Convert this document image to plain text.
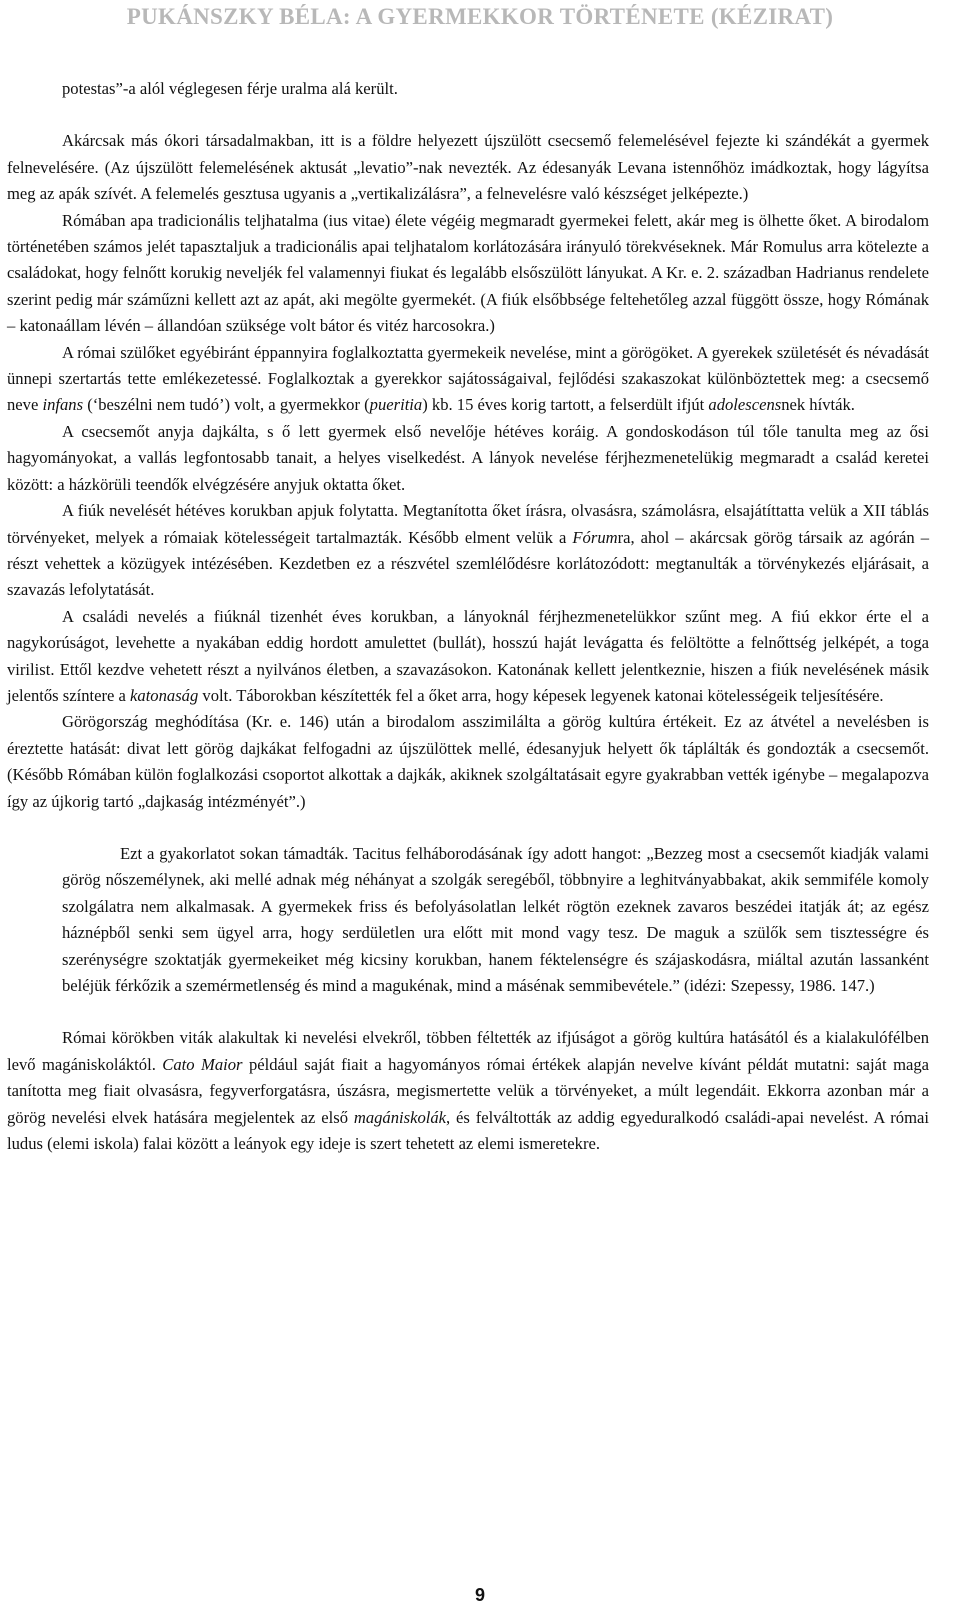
PUKÁNSZKY BÉLA: A GYERMEKKOR TÖRTÉNETE (KÉZIRAT)

potestas”-a alól véglegesen férje uralma alá került.

Akárcsak más ókori társadalmakban, itt is a földre helyezett újszülött csecsemő felemelésével fejezte ki szándékát a gyermek felnevelésére. (Az újszülött felemelésének aktusát „levatio”-nak nevezték. Az édesanyák Levana istennőhöz imádkoztak, hogy lágyítsa meg az apák szívét. A felemelés gesztusa ugyanis a „vertikalizálásra”, a felnevelésre való készséget jelképezte.)

Rómában apa tradicionális teljhatalma (ius vitae) élete végéig megmaradt gyermekei felett, akár meg is ölhette őket. A birodalom történetében számos jelét tapasztaljuk a tradicionális apai teljhatalom korlátozására irányuló törekvéseknek. Már Romulus arra kötelezte a családokat, hogy felnőtt korukig neveljék fel valamennyi fiukat és legalább elsőszülött lányukat. A Kr. e. 2. században Hadrianus rendelete szerint pedig már száműzni kellett azt az apát, aki megölte gyermekét. (A fiúk elsőbbsége feltehetőleg azzal függött össze, hogy Rómának – katonaállam lévén – állandóan szüksége volt bátor és vitéz harcosokra.)

A római szülőket egyébiránt éppannyira foglalkoztatta gyermekeik nevelése, mint a görögöket. A gyerekek születését és névadását ünnepi szertartás tette emlékezetessé. Foglalkoztak a gyerekkor sajátosságaival, fejlődési szakaszokat különböztettek meg: a csecsemő neve infans (‘beszélni nem tudó’) volt, a gyermekkor (pueritia) kb. 15 éves korig tartott, a felserdült ifjút adolescensnek hívták.

A csecsemőt anyja dajkálta, s ő lett gyermek első nevelője hétéves koráig. A gondoskodáson túl tőle tanulta meg az ősi hagyományokat, a vallás legfontosabb tanait, a helyes viselkedést. A lányok nevelése férjhezmenetelükig megmaradt a család keretei között: a házkörüli teendők elvégzésére anyjuk oktatta őket.

A fiúk nevelését hétéves korukban apjuk folytatta. Megtanította őket írásra, olvasásra, számolásra, elsajátíttatta velük a XII táblás törvényeket, melyek a rómaiak kötelességeit tartalmazták. Később elment velük a Fórumra, ahol – akárcsak görög társaik az agórán – részt vehettek a közügyek intézésében. Kezdetben ez a részvétel szemlélődésre korlátozódott: megtanulták a törvénykezés eljárásait, a szavazás lefolytatását.

A családi nevelés a fiúknál tizenhét éves korukban, a lányoknál férjhezmenetelükkor szűnt meg. A fiú ekkor érte el a nagykorúságot, levehette a nyakában eddig hordott amulettet (bullát), hosszú haját levágatta és felöltötte a felnőttség jelképét, a toga virilist. Ettől kezdve vehetett részt a nyilvános életben, a szavazásokon. Katonának kellett jelentkeznie, hiszen a fiúk nevelésének másik jelentős színtere a katonaság volt. Táborokban készítették fel a őket arra, hogy képesek legyenek katonai kötelességeik teljesítésére.

Görögország meghódítása (Kr. e. 146) után a birodalom asszimilálta a görög kultúra értékeit. Ez az átvétel a nevelésben is éreztette hatását: divat lett görög dajkákat felfogadni az újszülöttek mellé, édesanyjuk helyett ők táplálták és gondozták a csecsemőt. (Később Rómában külön foglalkozási csoportot alkottak a dajkák, akiknek szolgáltatásait egyre gyakrabban vették igénybe – megalapozva így az újkorig tartó „dajkaság intézményét”.)

Ezt a gyakorlatot sokan támadták. Tacitus felháborodásának így adott hangot: „Bezzeg most a csecsemőt kiadják valami görög nőszemélynek, aki mellé adnak még néhányat a szolgák seregéből, többnyire a leghitványabbakat, akik semmiféle komoly szolgálatra nem alkalmasak. A gyermekek friss és befolyásolatlan lelkét rögtön ezeknek zavaros beszédei itatják át; az egész háznépből senki sem ügyel arra, hogy serdületlen ura előtt mit mond vagy tesz. De maguk a szülők sem tisztességre és szerénységre szoktatják gyermekeiket még kicsiny korukban, hanem féktelenségre és szájaskodásra, miáltal azután lassanként beléjük férkőzik a szemérmetlenség és mind a magukénak, mind a másénak semmibevétele.” (idézi: Szepessy, 1986. 147.)

Római körökben viták alakultak ki nevelési elvekről, többen féltették az ifjúságot a görög kultúra hatásától és a kialakulófélben levő magániskoláktól. Cato Maior például saját fiait a hagyományos római értékek alapján nevelve kívánt példát mutatni: saját maga tanította meg fiait olvasásra, fegyverforgatásra, úszásra, megismertette velük a törvényeket, a múlt legendáit. Ekkorra azonban már a görög nevelési elvek hatására megjelentek az első magániskolák, és felváltották az addig egyeduralkodó családi-apai nevelést. A római ludus (elemi iskola) falai között a leányok egy ideje is szert tehetett az elemi ismeretekre.

9
